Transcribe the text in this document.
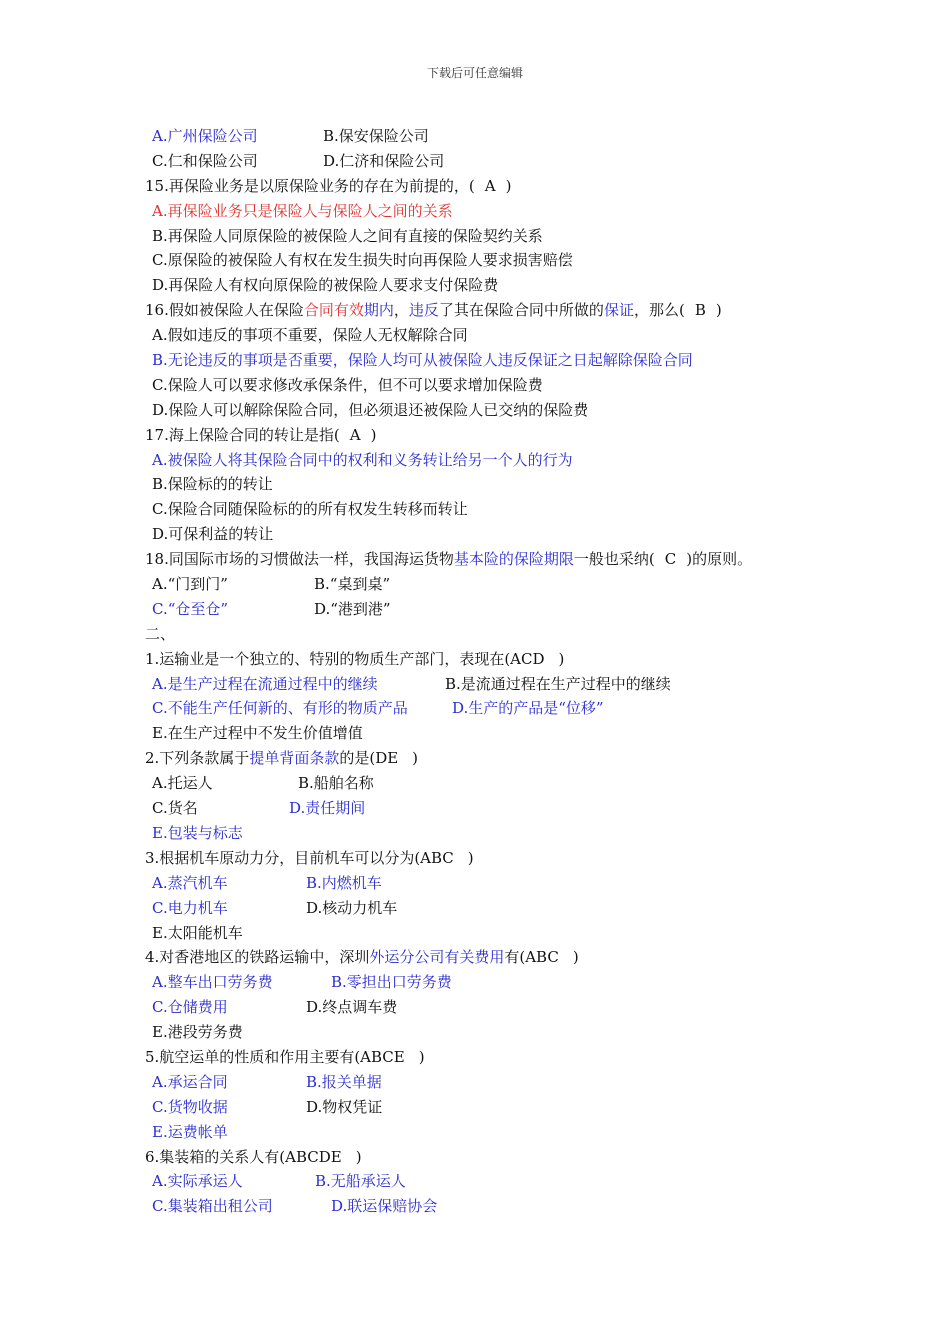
下载后可任意编辑
A.广州保险公司	B.保安保险公司
C.仁和保险公司	D.仁济和保险公司
15.再保险业务是以原保险业务的存在为前提的，( A )
A.再保险业务只是保险人与保险人之间的关系
B.再保险人同原保险的被保险人之间有直接的保险契约关系
C.原保险的被保险人有权在发生损失时向再保险人要求损害赔偿
D.再保险人有权向原保险的被保险人要求支付保险费
16.假如被保险人在保险合同有效期内，违反了其在保险合同中所做的保证，那么( B )
A.假如违反的事项不重要，保险人无权解除合同
B.无论违反的事项是否重要，保险人均可从被保险人违反保证之日起解除保险合同
C.保险人可以要求修改承保条件，但不可以要求增加保险费
D.保险人可以解除保险合同，但必须退还被保险人已交纳的保险费
17.海上保险合同的转让是指( A )
A.被保险人将其保险合同中的权利和义务转让给另一个人的行为
B.保险标的的转让
C.保险合同随保险标的的所有权发生转移而转让
D.可保利益的转让
18.同国际市场的习惯做法一样，我国海运货物基本险的保险期限一般也采纳( C )的原则。
A.“门到门”	B.“桌到桌”
C.“仓至仓”	D.“港到港”
二、
1.运输业是一个独立的、特别的物质生产部门，表现在(ACD )
A.是生产过程在流通过程中的继续	B.是流通过程在生产过程中的继续
C.不能生产任何新的、有形的物质产品	D.生产的产品是“位移”
E.在生产过程中不发生价值增值
2.下列条款属于提单背面条款的是(DE )
A.托运人	B.船舶名称
C.货名	D.责任期间
E.包装与标志
3.根据机车原动力分，目前机车可以分为(ABC )
A.蒸汽机车	B.内燃机车
C.电力机车	D.核动力机车
E.太阳能机车
4.对香港地区的铁路运输中，深圳外运分公司有关费用有(ABC )
A.整车出口劳务费	B.零担出口劳务费
C.仓储费用	D.终点调车费
E.港段劳务费
5.航空运单的性质和作用主要有(ABCE )
A.承运合同	B.报关单据
C.货物收据	D.物权凭证
E.运费帐单
6.集装箱的关系人有(ABCDE )
A.实际承运人	B.无船承运人
C.集装箱出租公司	D.联运保赔协会
